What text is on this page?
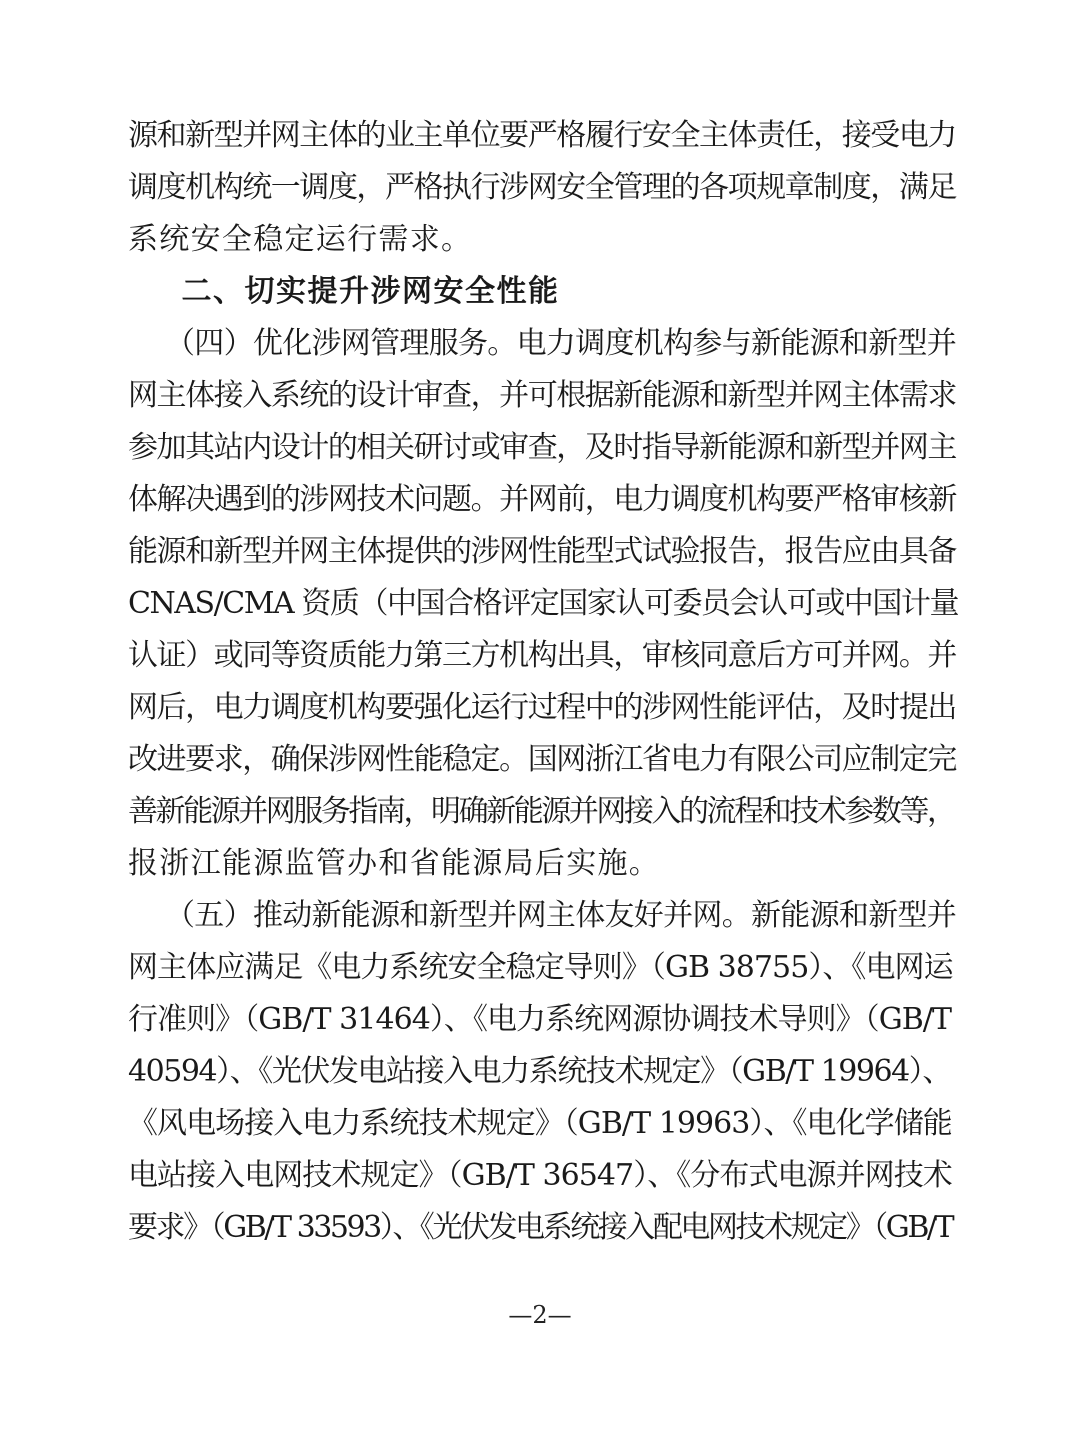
源和新型并网主体的业主单位要严格履行安全主体责任，接受电力
调度机构统一调度，严格执行涉网安全管理的各项规章制度，满足
系统安全稳定运行需求。
　二、切实提升涉网安全性能
（四）优化涉网管理服务。电力调度机构参与新能源和新型并
网主体接入系统的设计审查，并可根据新能源和新型并网主体需求
参加其站内设计的相关研讨或审查，及时指导新能源和新型并网主
体解决遇到的涉网技术问题。并网前，电力调度机构要严格审核新
能源和新型并网主体提供的涉网性能型式试验报告，报告应由具备
CNAS/CMA 资质（中国合格评定国家认可委员会认可或中国计量
认证）或同等资质能力第三方机构出具，审核同意后方可并网。并
网后，电力调度机构要强化运行过程中的涉网性能评估，及时提出
改进要求，确保涉网性能稳定。国网浙江省电力有限公司应制定完
善新能源并网服务指南，明确新能源并网接入的流程和技术参数等，
报浙江能源监管办和省能源局后实施。
（五）推动新能源和新型并网主体友好并网。新能源和新型并
网主体应满足《电力系统安全稳定导则》（GB 38755）、《电网运
行准则》（GB/T 31464）、《电力系统网源协调技术导则》（GB/T
40594）、《光伏发电站接入电力系统技术规定》（GB/T 19964）、
《风电场接入电力系统技术规定》（GB/T 19963）、《电化学储能
电站接入电网技术规定》（GB/T 36547）、《分布式电源并网技术
要求》（GB/T 33593）、《光伏发电系统接入配电网技术规定》（GB/T
—2—
